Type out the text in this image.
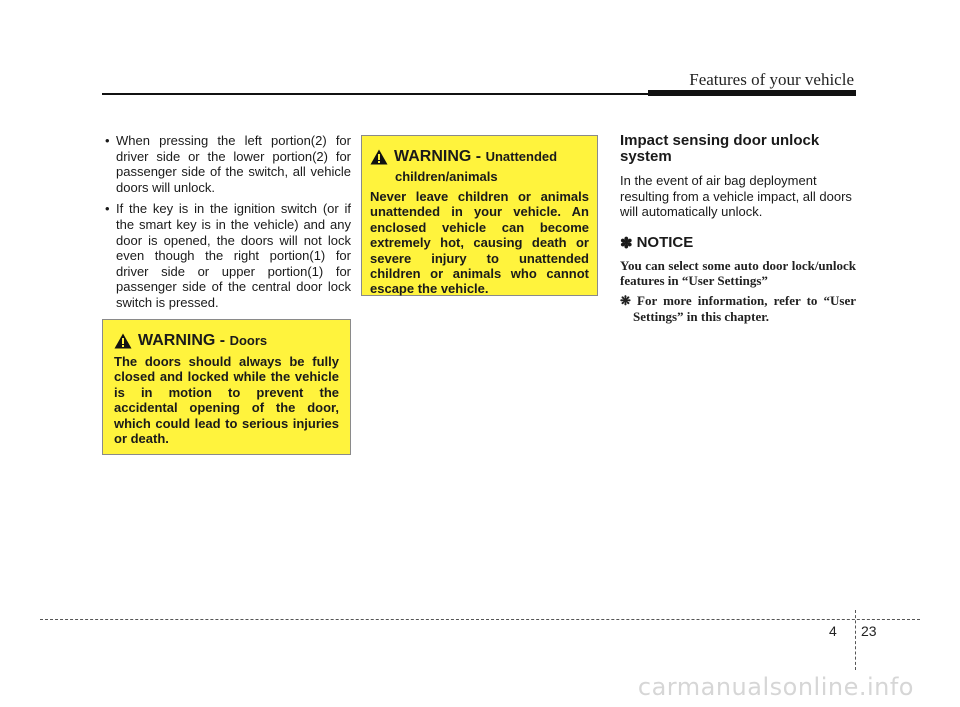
Features of your vehicle
• When pressing the left portion(2) for driver side or the lower portion(2) for passenger side of the switch, all vehicle doors will unlock.
• If the key is in the ignition switch (or if the smart key is in the vehicle) and any door is opened, the doors will not lock even though the right portion(1) for driver side or upper portion(1) for passenger side of the central door lock switch is pressed.
WARNING - Doors
The doors should always be fully closed and locked while the vehicle is in motion to prevent the accidental opening of the door, which could lead to serious injuries or death.
WARNING - Unattended
children/animals
Never leave children or animals unattended in your vehicle. An enclosed vehicle can become extremely hot, causing death or severe injury to unattended children or animals who cannot escape the vehicle.
Impact sensing door unlock system

In the event of air bag deployment resulting from a vehicle impact, all doors will automatically unlock.

✽ NOTICE

You can select some auto door lock/unlock features in “User Settings”

❋ For more information, refer to “User Settings” in this chapter.

4 23
carmanualsonline.info
